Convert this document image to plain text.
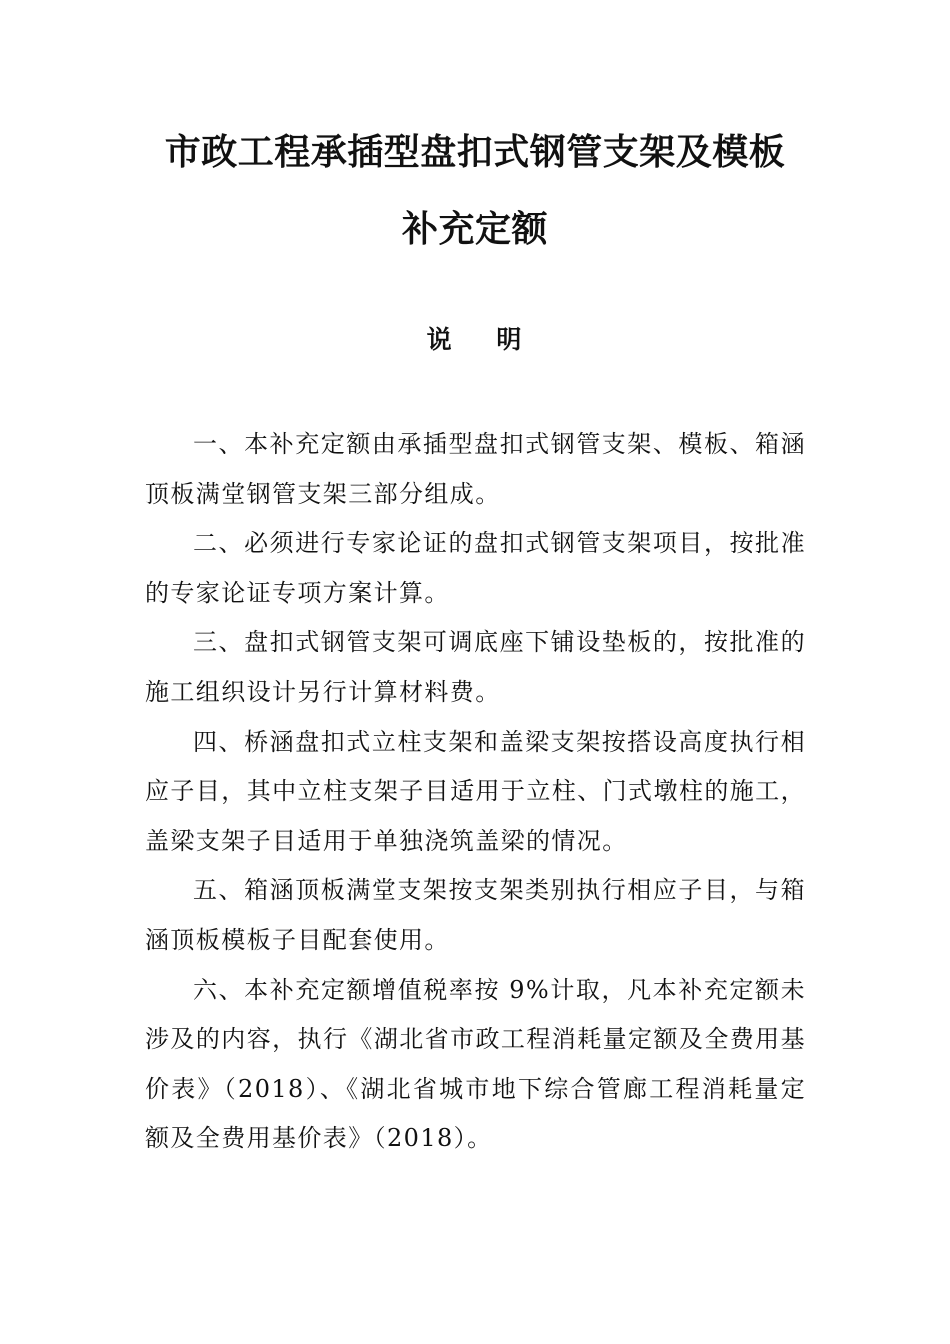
市政工程承插型盘扣式钢管支架及模板
补充定额
说    明

一、本补充定额由承插型盘扣式钢管支架、模板、箱涵顶板满堂钢管支架三部分组成。

二、必须进行专家论证的盘扣式钢管支架项目，按批准的专家论证专项方案计算。

三、盘扣式钢管支架可调底座下铺设垫板的，按批准的施工组织设计另行计算材料费。

四、桥涵盘扣式立柱支架和盖梁支架按搭设高度执行相应子目，其中立柱支架子目适用于立柱、门式墩柱的施工，盖梁支架子目适用于单独浇筑盖梁的情况。

五、箱涵顶板满堂支架按支架类别执行相应子目，与箱涵顶板模板子目配套使用。

六、本补充定额增值税率按 9%计取，凡本补充定额未涉及的内容，执行《湖北省市政工程消耗量定额及全费用基价表》（2018）、《湖北省城市地下综合管廊工程消耗量定额及全费用基价表》（2018）。
